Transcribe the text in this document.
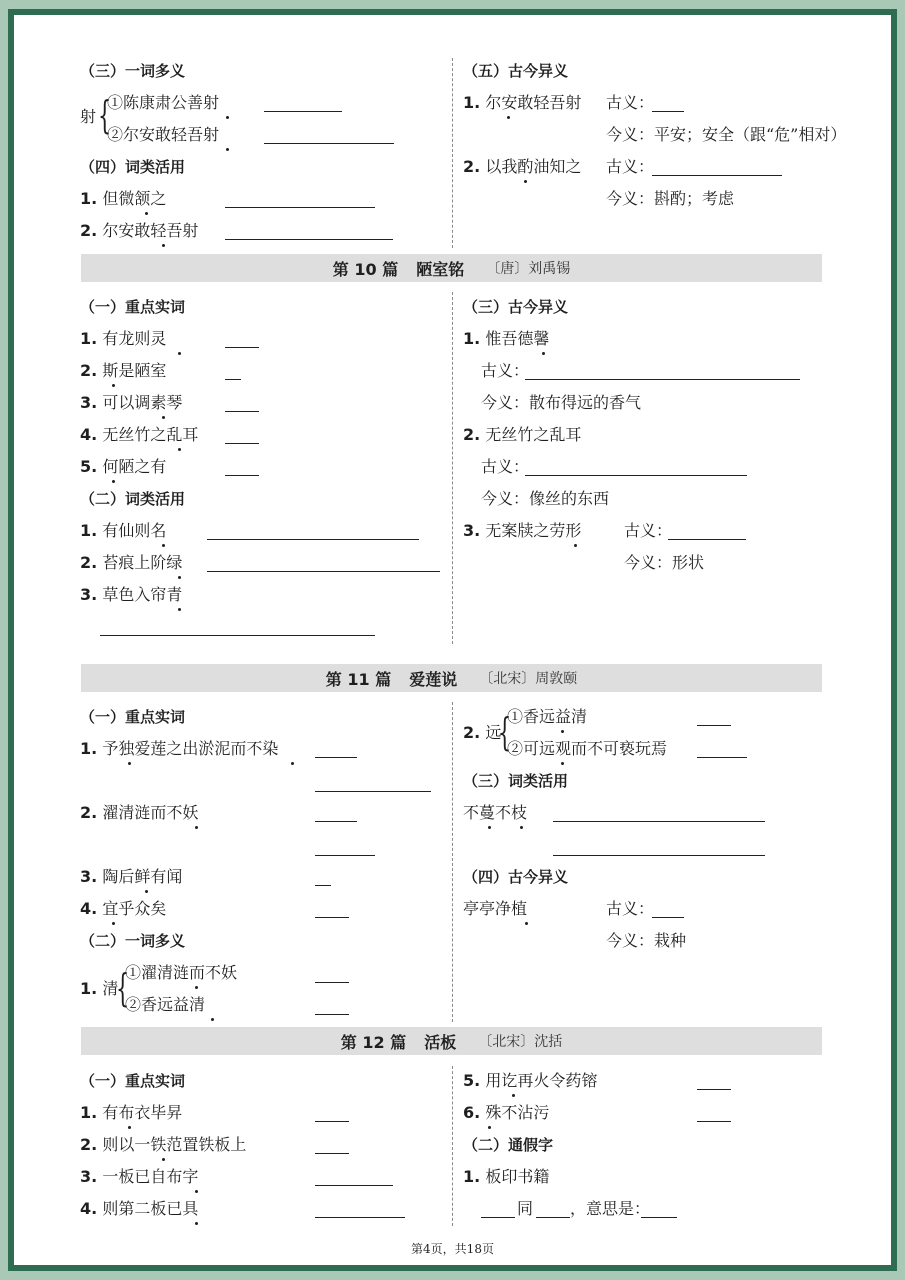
（三）一词多义
射 {
①陈康肃公善射
②尔安敢轻吾射
（四）词类活用
1. 但微颔之
2. 尔安敢轻吾射
（五）古今异义
1. 尔安敢轻吾射 古义：
今义：平安；安全（跟“危”相对）
2. 以我酌油知之 古义：
今义：斟酌；考虑
第 10 篇 陋室铭 〔唐〕刘禹锡
（一）重点实词
1. 有龙则灵
2. 斯是陋室
3. 可以调素琴
4. 无丝竹之乱耳
5. 何陋之有
（二）词类活用
1. 有仙则名
2. 苔痕上阶绿
3. 草色入帘青
（三）古今异义
1. 惟吾德馨
古义：
今义：散布得远的香气
2. 无丝竹之乱耳
古义：
今义：像丝的东西
3. 无案牍之劳形	古义：
今义：形状
第 11 篇 爱莲说 〔北宋〕周敦颐
（一）重点实词
1. 予独爱莲之出淤泥而不染
2. 濯清涟而不妖
3. 陶后鲜有闻
4. 宜乎众矣
（二）一词多义
1. 清
{
①濯清涟而不妖
②香远益清
2. 远
{
①香远益清
②可远观而不可亵玩焉
（三）词类活用
不蔓不枝
（四）古今异义
亭亭净植	古义：
今义：栽种
第 12 篇 活板 〔北宋〕沈括
（一）重点实词
1. 有布衣毕昇
2. 则以一铁范置铁板上
3. 一板已自布字
4. 则第二板已具
5. 用讫再火令药镕
6. 殊不沾污
（二）通假字
1. 板印书籍
同 ，意思是：
第4页，共18页
